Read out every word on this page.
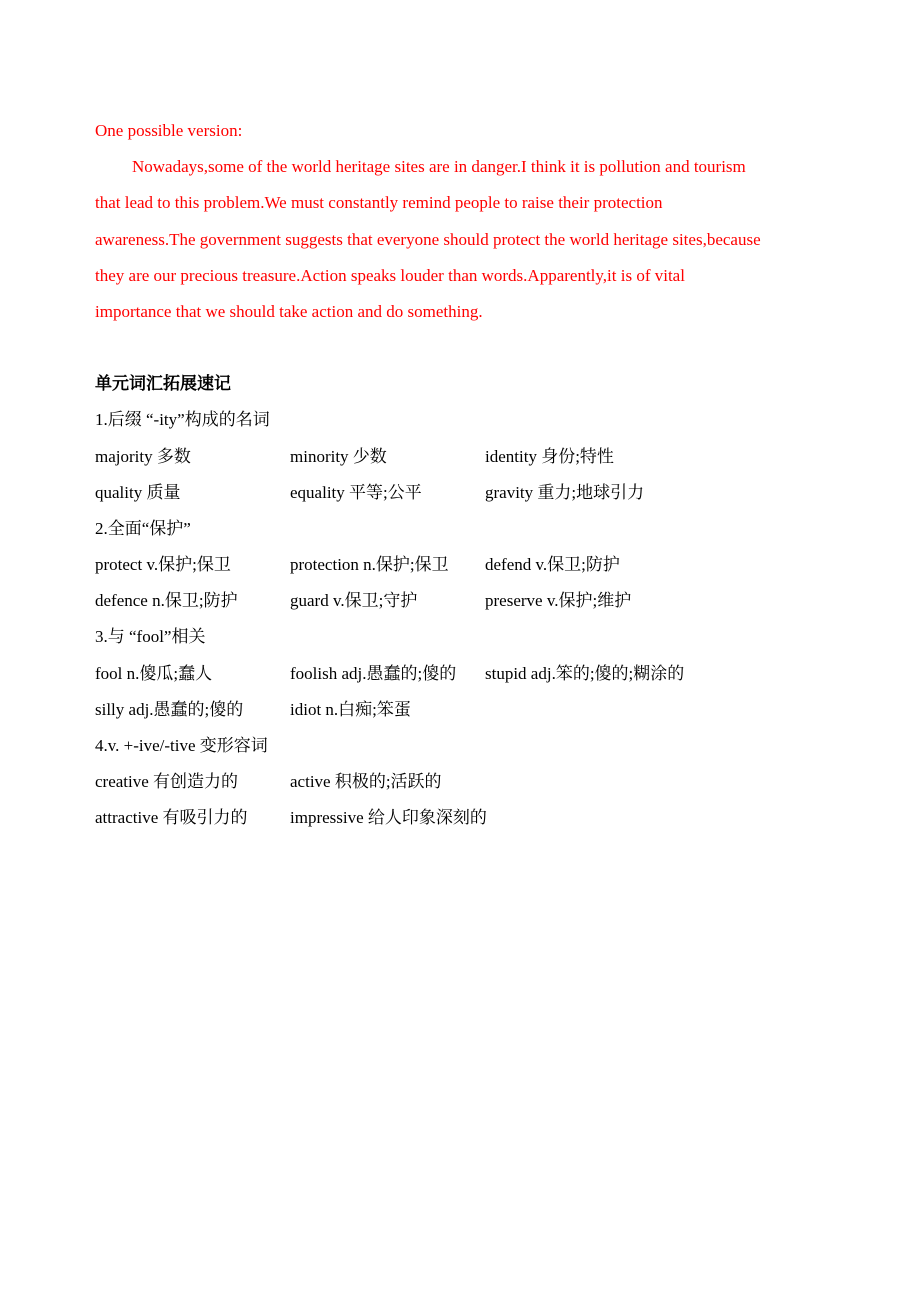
One possible version:
Nowadays,some of the world heritage sites are in danger.I think it is pollution and tourism
that lead to this problem.We must constantly remind people to raise their protection
awareness.The government suggests that everyone should protect the world heritage sites,because
they are our precious treasure.Action speaks louder than words.Apparently,it is of vital
importance that we should take action and do something.
单元词汇拓展速记
1.后缀 “-ity”构成的名词
majority 多数	minority 少数	identity 身份;特性
quality 质量	equality 平等;公平	gravity 重力;地球引力
2.全面“保护”
protect v.保护;保卫	protection n.保护;保卫	defend v.保卫;防护
defence n.保卫;防护	guard v.保卫;守护	preserve v.保护;维护
3.与 “fool”相关
fool n.傻瓜;蠢人	foolish adj.愚蠢的;傻的	stupid adj.笨的;傻的;糊涂的
silly adj.愚蠢的;傻的	idiot n.白痴;笨蛋
4.v. +-ive/-tive 变形容词
creative 有创造力的	active 积极的;活跃的
attractive 有吸引力的	impressive 给人印象深刻的
